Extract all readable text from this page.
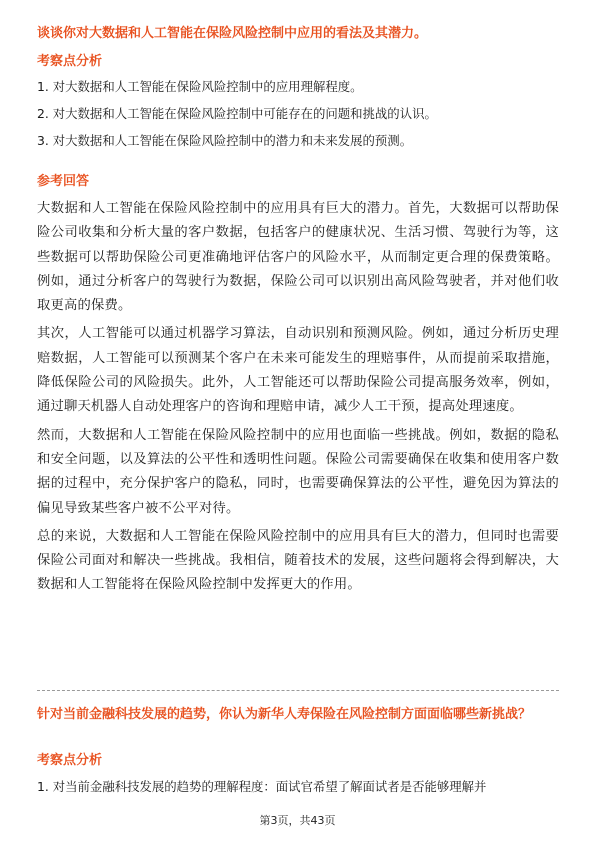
谈谈你对大数据和人工智能在保险风险控制中应用的看法及其潜力。
考察点分析
1. 对大数据和人工智能在保险风险控制中的应用理解程度。
2. 对大数据和人工智能在保险风险控制中可能存在的问题和挑战的认识。
3. 对大数据和人工智能在保险风险控制中的潜力和未来发展的预测。
参考回答

大数据和人工智能在保险风险控制中的应用具有巨大的潜力。首先，大数据可以帮助保险公司收集和分析大量的客户数据，包括客户的健康状况、生活习惯、驾驶行为等，这些数据可以帮助保险公司更准确地评估客户的风险水平，从而制定更合理的保费策略。例如，通过分析客户的驾驶行为数据，保险公司可以识别出高风险驾驶者，并对他们收取更高的保费。

其次，人工智能可以通过机器学习算法，自动识别和预测风险。例如，通过分析历史理赔数据，人工智能可以预测某个客户在未来可能发生的理赔事件，从而提前采取措施，降低保险公司的风险损失。此外，人工智能还可以帮助保险公司提高服务效率，例如，通过聊天机器人自动处理客户的咨询和理赔申请，减少人工干预，提高处理速度。

然而，大数据和人工智能在保险风险控制中的应用也面临一些挑战。例如，数据的隐私和安全问题，以及算法的公平性和透明性问题。保险公司需要确保在收集和使用客户数据的过程中，充分保护客户的隐私，同时，也需要确保算法的公平性，避免因为算法的偏见导致某些客户被不公平对待。

总的来说，大数据和人工智能在保险风险控制中的应用具有巨大的潜力，但同时也需要保险公司面对和解决一些挑战。我相信，随着技术的发展，这些问题将会得到解决，大数据和人工智能将在保险风险控制中发挥更大的作用。

针对当前金融科技发展的趋势，你认为新华人寿保险在风险控制方面面临哪些新挑战？
考察点分析
1. 对当前金融科技发展的趋势的理解程度：面试官希望了解面试者是否能够理解并
第3页，共43页
